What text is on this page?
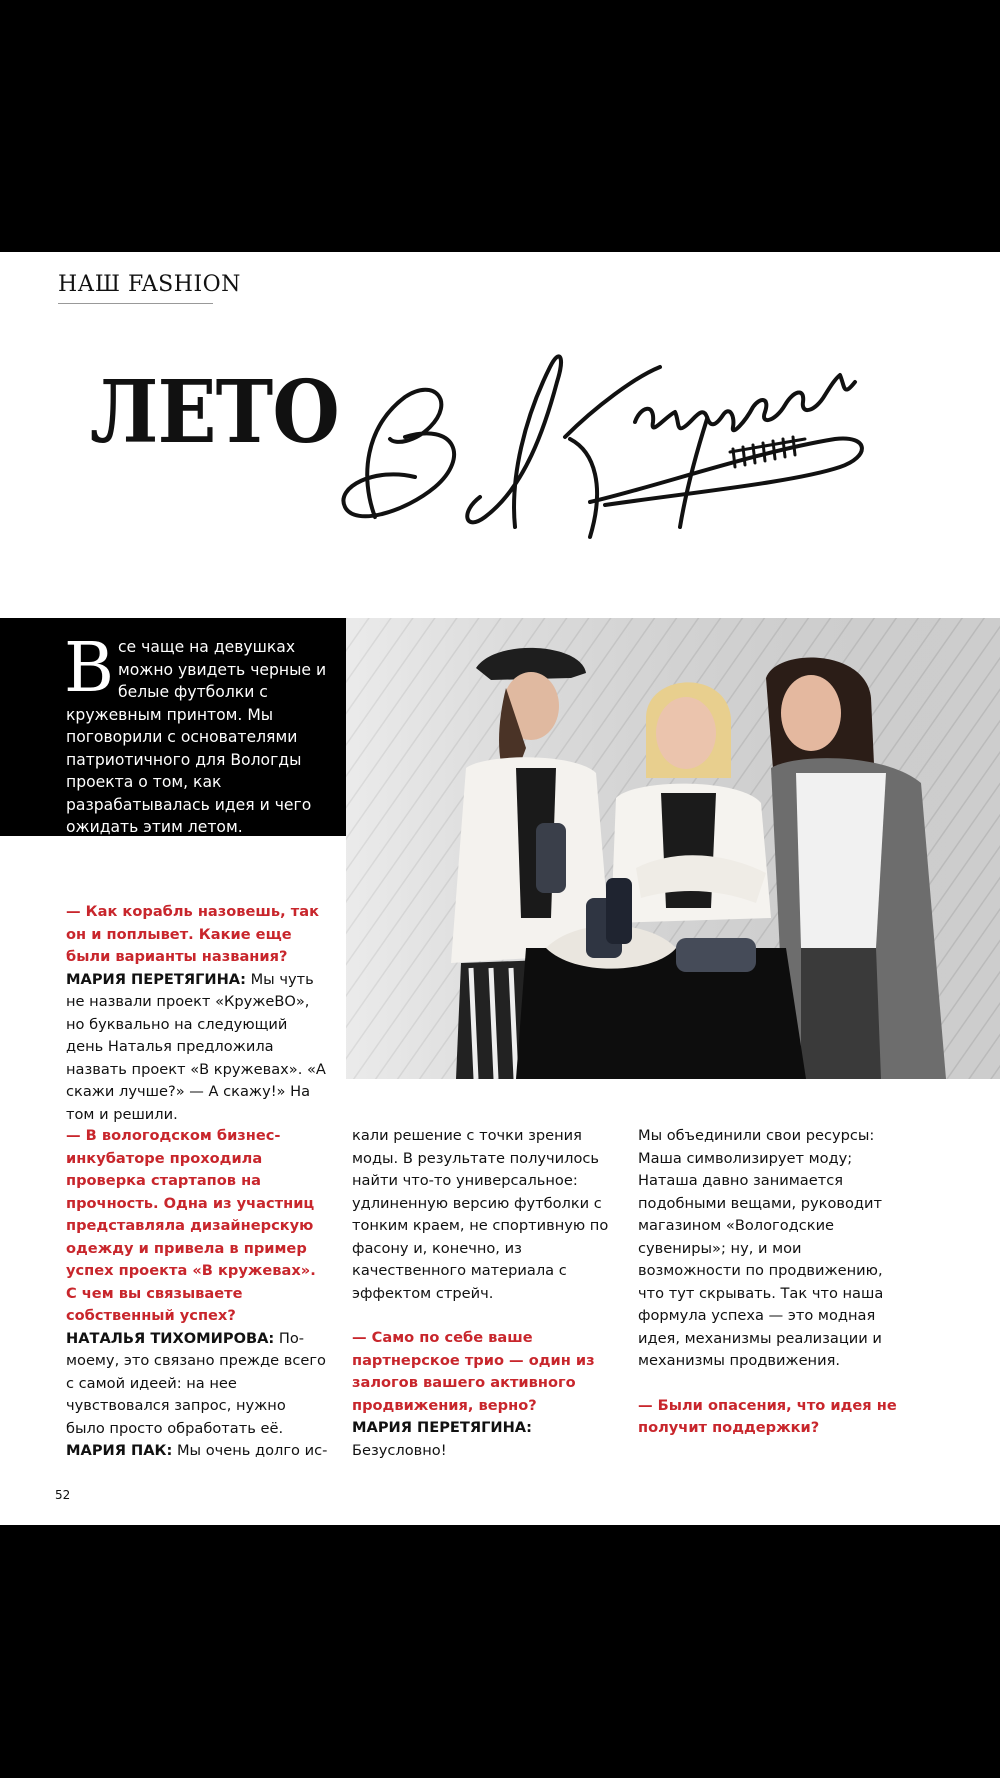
НАШ FASHION
ЛЕТО

В се чаще на девушках можно увидеть черные и белые футболки с кружевным принтом. Мы поговорили с основателями патриотичного для Вологды проекта о том, как разрабатывалась идея и чего ожидать этим летом.

— Как корабль назовешь, так он и поплывет. Какие еще были варианты названия?

МАРИЯ ПЕРЕТЯГИНА: Мы чуть не назвали проект «КружеВО», но буквально на следующий день Наталья предложила назвать проект «В кружевах». «А скажи лучше?» — А скажу!» На том и решили.

— В вологодском бизнес-инкубаторе проходила проверка стартапов на прочность. Одна из участниц представляла дизайнерскую одежду и привела в пример успех проекта «В кружевах». С чем вы связываете собственный успех?

НАТАЛЬЯ ТИХОМИРОВА: По-моему, это связано прежде всего с самой идеей: на нее чувствовался запрос, нужно было просто обработать её.

МАРИЯ ПАК: Мы очень долго ис-

кали решение с точки зрения моды. В результате получилось найти что-то универсальное: удлиненную версию футболки с тонким краем, не спортивную по фасону и, конечно, из качественного материала с эффектом стрейч.

— Само по себе ваше партнерское трио — один из залогов вашего активного продвижения, верно?

МАРИЯ ПЕРЕТЯГИНА: Безусловно!

Мы объединили свои ресурсы: Маша символизирует моду; Наташа давно занимается подобными вещами, руководит магазином «Вологодские сувениры»; ну, и мои возможности по продвижению, что тут скрывать. Так что наша формула успеха — это модная идея, механизмы реализации и механизмы продвижения.

— Были опасения, что идея не получит поддержки?

52
